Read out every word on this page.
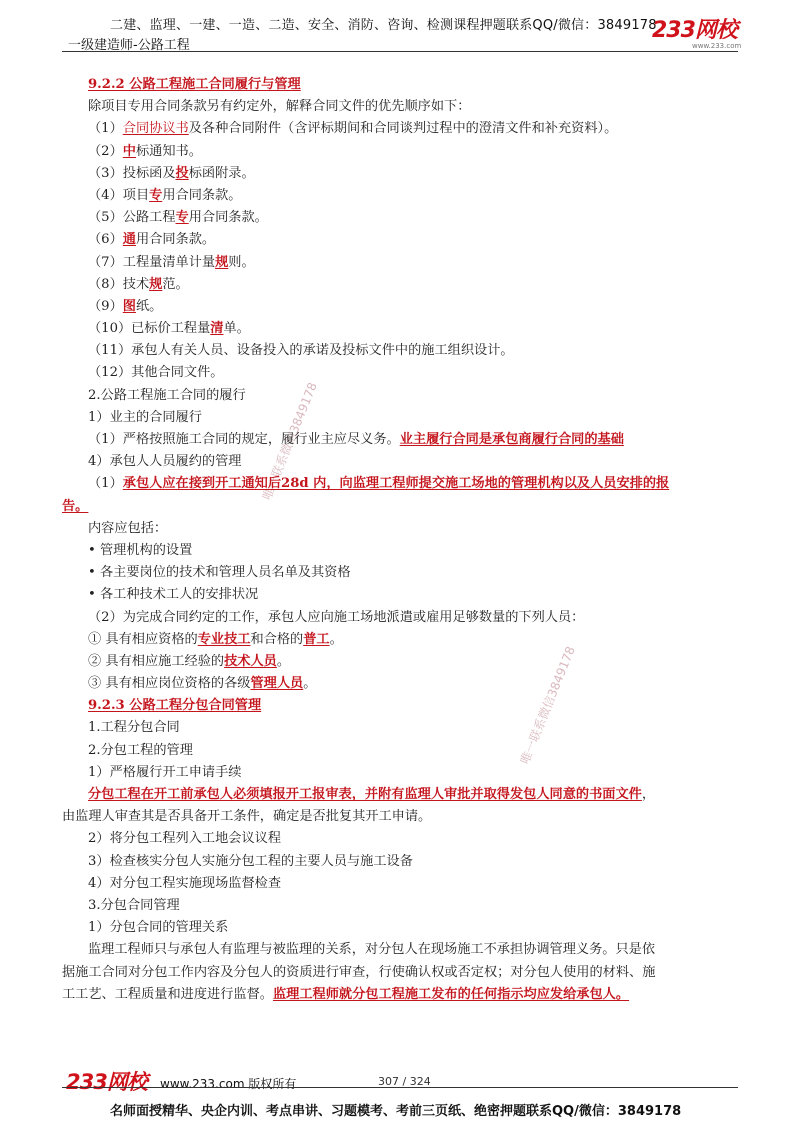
二建、监理、一建、一造、二造、安全、消防、咨询、检测课程押题联系QQ/微信：3849178
一级建造师-公路工程
233网校
www.233.com
唯一联系微信3849178
唯一联系微信3849178
9.2.2 公路工程施工合同履行与管理
除项目专用合同条款另有约定外，解释合同文件的优先顺序如下：
（1）合同协议书及各种合同附件（含评标期间和合同谈判过程中的澄清文件和补充资料）。
（2）中标通知书。
（3）投标函及投标函附录。
（4）项目专用合同条款。
（5）公路工程专用合同条款。
（6）通用合同条款。
（7）工程量清单计量规则。
（8）技术规范。
（9）图纸。
（10）已标价工程量清单。
（11）承包人有关人员、设备投入的承诺及投标文件中的施工组织设计。
（12）其他合同文件。
2.公路工程施工合同的履行
1）业主的合同履行
（1）严格按照施工合同的规定，履行业主应尽义务。业主履行合同是承包商履行合同的基础
4）承包人人员履约的管理
（1）承包人应在接到开工通知后28d 内，向监理工程师提交施工场地的管理机构以及人员安排的报
告。
内容应包括：
• 管理机构的设置
• 各主要岗位的技术和管理人员名单及其资格
• 各工种技术工人的安排状况
（2）为完成合同约定的工作，承包人应向施工场地派遣或雇用足够数量的下列人员：
① 具有相应资格的专业技工和合格的普工。
② 具有相应施工经验的技术人员。
③ 具有相应岗位资格的各级管理人员。
9.2.3 公路工程分包合同管理
1.工程分包合同
2.分包工程的管理
1）严格履行开工申请手续
分包工程在开工前承包人必须填报开工报审表，并附有监理人审批并取得发包人同意的书面文件，
由监理人审查其是否具备开工条件，确定是否批复其开工申请。
2）将分包工程列入工地会议议程
3）检查核实分包人实施分包工程的主要人员与施工设备
4）对分包工程实施现场监督检查
3.分包合同管理
1）分包合同的管理关系
监理工程师只与承包人有监理与被监理的关系，对分包人在现场施工不承担协调管理义务。只是依
据施工合同对分包工作内容及分包人的资质进行审查，行使确认权或否定权；对分包人使用的材料、施
工工艺、工程质量和进度进行监督。监理工程师就分包工程施工发布的任何指示均应发给承包人。
233网校 www.233.com 版权所有	307 / 324
名师面授精华、央企内训、考点串讲、习题模考、考前三页纸、绝密押题联系QQ/微信：3849178
